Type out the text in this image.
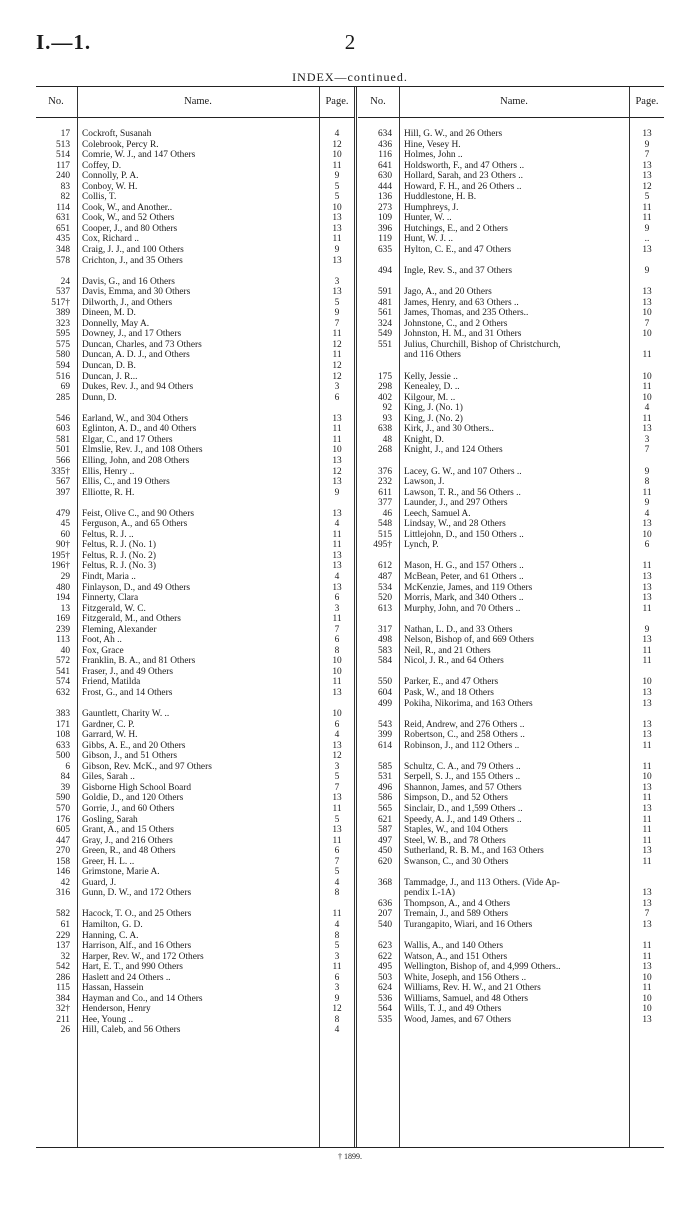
I.—1.	2
INDEX—continued.
No.	Name.	Page.
17 Cockroft, Susanah	4
513 Colebrook, Percy R.	12
514 Comrie, W. J., and 147 Others	10
117 Coffey, D.	11
240 Connolly, P. A.	9
83 Conboy, W. H.	5
82 Collis, T.	5
114 Cook, W., and Another..	10
631 Cook, W., and 52 Others	13
651 Cooper, J., and 80 Others	13
435 Cox, Richard ..	11
348 Craig, J. J., and 100 Others	9
578 Crichton, J., and 35 Others	13
24 Davis, G., and 16 Others	3
537 Davis, Emma, and 30 Others	13
517† Dilworth, J., and Others	5
389 Dineen, M. D.	9
323 Donnelly, May A.	7
595 Downey, J., and 17 Others	11
575 Duncan, Charles, and 73 Others	12
580 Duncan, A. D. J., and Others	11
594 Duncan, D. B.	12
516 Duncan, J. R...	12
69 Dukes, Rev. J., and 94 Others	3
285 Dunn, D.	6
546 Earland, W., and 304 Others	13
603 Eglinton, A. D., and 40 Others	11
581 Elgar, C., and 17 Others	11
501 Elmslie, Rev. J., and 108 Others	10
566 Elling, John, and 208 Others	13
335† Ellis, Henry ..	12
567 Ellis, C., and 19 Others	13
397 Elliotte, R. H.	9
479 Feist, Olive C., and 90 Others	13
45 Ferguson, A., and 65 Others	4
60 Feltus, R. J. ..	11
90† Feltus, R. J. (No. 1)	11
195† Feltus, R. J. (No. 2)	13
196† Feltus, R. J. (No. 3)	13
29 Findt, Maria ..	4
480 Finlayson, D., and 49 Others	13
194 Finnerty, Clara	6
13 Fitzgerald, W. C.	3
169 Fitzgerald, M., and Others	11
239 Fleming, Alexander	7
113 Foot, Ah ..	6
40 Fox, Grace	8
572 Franklin, B. A., and 81 Others	10
541 Fraser, J., and 49 Others	10
574 Friend, Matilda	11
632 Frost, G., and 14 Others	13
383 Gauntlett, Charity W. ..	10
171 Gardner, C. P.	6
108 Garrard, W. H.	4
633 Gibbs, A. E., and 20 Others	13
500 Gibson, J., and 51 Others	12
6 Gibson, Rev. McK., and 97 Others	3
84 Giles, Sarah ..	5
39 Gisborne High School Board	7
590 Goldie, D., and 120 Others	13
570 Gorrie, J., and 60 Others	11
176 Gosling, Sarah	5
605 Grant, A., and 15 Others	13
447 Gray, J., and 216 Others	11
270 Green, R., and 48 Others	6
158 Greer, H. L. ..	7
146 Grimstone, Marie A.	5
42 Guard, J.	4
316 Gunn, D. W., and 172 Others	8
582 Hacock, T. O., and 25 Others	11
61 Hamilton, G. D.	4
229 Hanning, C. A.	8
137 Harrison, Alf., and 16 Others	5
32 Harper, Rev. W., and 172 Others	3
542 Hart, E. T., and 990 Others	11
286 Haslett and 24 Others ..	6
115 Hassan, Hassein	3
384 Hayman and Co., and 14 Others	9
32† Henderson, Henry	12
211 Hee, Young ..	8
26 Hill, Caleb, and 56 Others	4
No.	Name.	Page.
634 Hill, G. W., and 26 Others	13
436 Hine, Vesey H.	9
116 Holmes, John ..	7
641 Holdsworth, F., and 47 Others ..	13
630 Hollard, Sarah, and 23 Others ..	13
444 Howard, F. H., and 26 Others ..	12
136 Huddlestone, H. B.	5
273 Humphreys, J.	11
109 Hunter, W. ..	11
396 Hutchings, E., and 2 Others	9
119 Hunt, W. J. ..	..
635 Hylton, C. E., and 47 Others	13
494 Ingle, Rev. S., and 37 Others	9
591 Jago, A., and 20 Others	13
481 James, Henry, and 63 Others ..	13
561 James, Thomas, and 235 Others..	10
324 Johnstone, C., and 2 Others	7
549 Johnston, H. M., and 31 Others	10
551 Julius, Churchill, Bishop of Christchurch,
and 116 Others	11
175 Kelly, Jessie ..	10
298 Kenealey, D. ..	11
402 Kilgour, M. ..	10
92 King, J. (No. 1)	4
93 King, J. (No. 2)	11
638 Kirk, J., and 30 Others..	13
48 Knight, D.	3
268 Knight, J., and 124 Others	7
376 Lacey, G. W., and 107 Others ..	9
232 Lawson, J.	8
611 Lawson, T. R., and 56 Others ..	11
377 Launder, J., and 297 Others	9
46 Leech, Samuel A.	4
548 Lindsay, W., and 28 Others	13
515 Littlejohn, D., and 150 Others ..	10
495† Lynch, P.	6
612 Mason, H. G., and 157 Others ..	11
487 McBean, Peter, and 61 Others ..	13
534 McKenzie, James, and 119 Others	13
520 Morris, Mark, and 340 Others ..	13
613 Murphy, John, and 70 Others ..	11
317 Nathan, L. D., and 33 Others	9
498 Nelson, Bishop of, and 669 Others	13
583 Neil, R., and 21 Others	11
584 Nicol, J. R., and 64 Others	11
550 Parker, E., and 47 Others	10
604 Pask, W., and 18 Others	13
499 Pokiha, Nikorima, and 163 Others	13
543 Reid, Andrew, and 276 Others ..	13
399 Robertson, C., and 258 Others ..	13
614 Robinson, J., and 112 Others ..	11
585 Schultz, C. A., and 79 Others ..	11
531 Serpell, S. J., and 155 Others ..	10
496 Shannon, James, and 57 Others	13
586 Simpson, D., and 52 Others	11
565 Sinclair, D., and 1,599 Others ..	13
621 Speedy, A. J., and 149 Others ..	11
587 Staples, W., and 104 Others	11
497 Steel, W. B., and 78 Others	11
450 Sutherland, R. B. M., and 163 Others	13
620 Swanson, C., and 30 Others	11
368 Tammadge, J., and 113 Others. (Vide Ap-
pendix I.-1A)	13
636 Thompson, A., and 4 Others	13
207 Tremain, J., and 589 Others	7
540 Turangapito, Wiari, and 16 Others	13
623 Wallis, A., and 140 Others	11
622 Watson, A., and 151 Others	11
495 Wellington, Bishop of, and 4,999 Others..	13
503 White, Joseph, and 156 Others ..	10
624 Williams, Rev. H. W., and 21 Others	11
536 Williams, Samuel, and 48 Others	10
564 Wills, T. J., and 49 Others	10
535 Wood, James, and 67 Others	13
† 1899.
